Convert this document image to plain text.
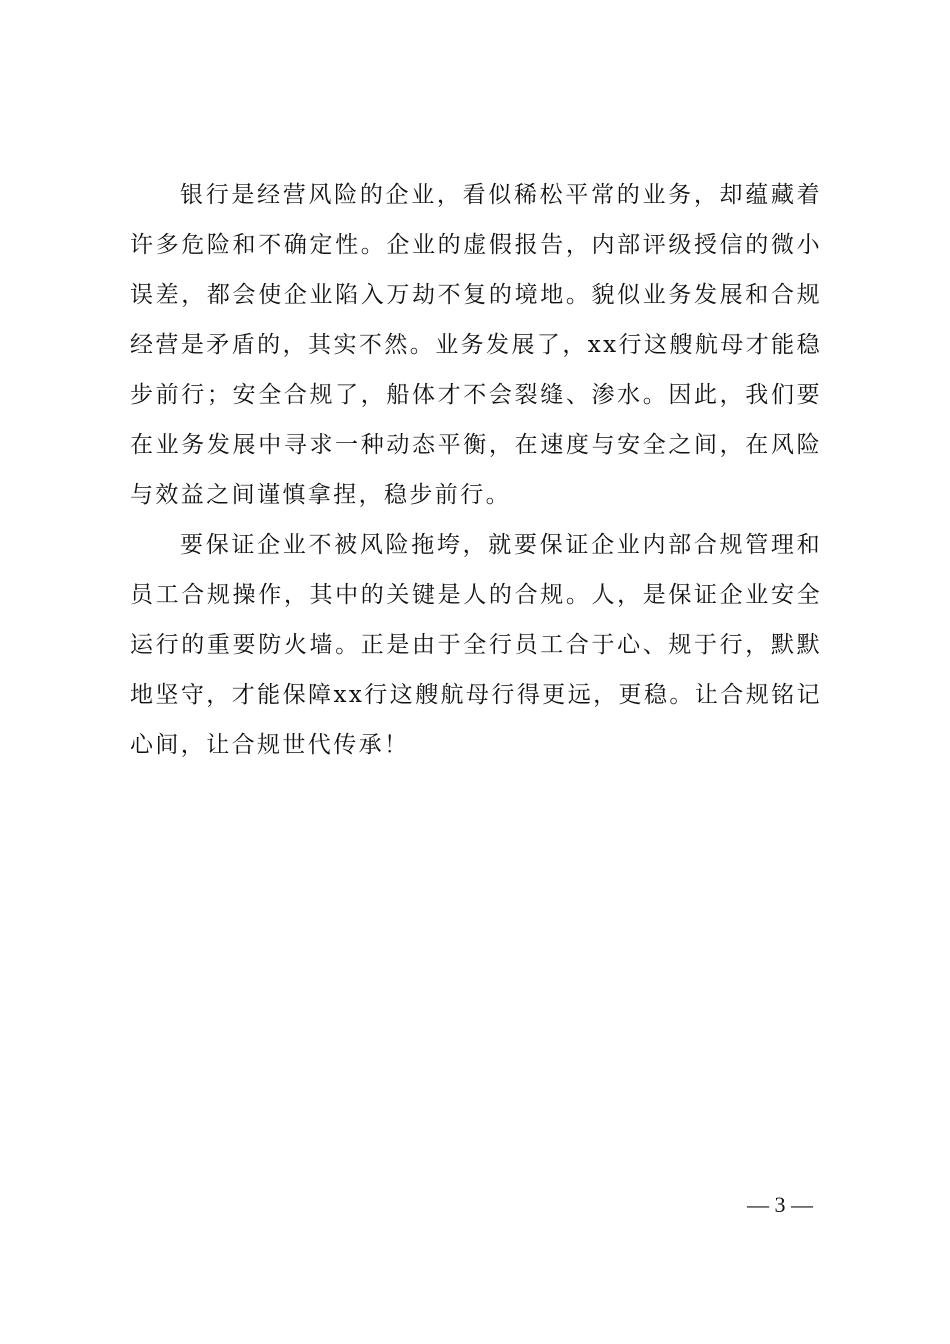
银行是经营风险的企业，看似稀松平常的业务，却蕴藏着许多危险和不确定性。企业的虚假报告，内部评级授信的微小误差，都会使企业陷入万劫不复的境地。貌似业务发展和合规经营是矛盾的，其实不然。业务发展了，xx行这艘航母才能稳步前行；安全合规了，船体才不会裂缝、渗水。因此，我们要在业务发展中寻求一种动态平衡，在速度与安全之间，在风险与效益之间谨慎拿捏，稳步前行。

要保证企业不被风险拖垮，就要保证企业内部合规管理和员工合规操作，其中的关键是人的合规。人，是保证企业安全运行的重要防火墙。正是由于全行员工合于心、规于行，默默地坚守，才能保障xx行这艘航母行得更远，更稳。让合规铭记心间，让合规世代传承！

— 3 —
